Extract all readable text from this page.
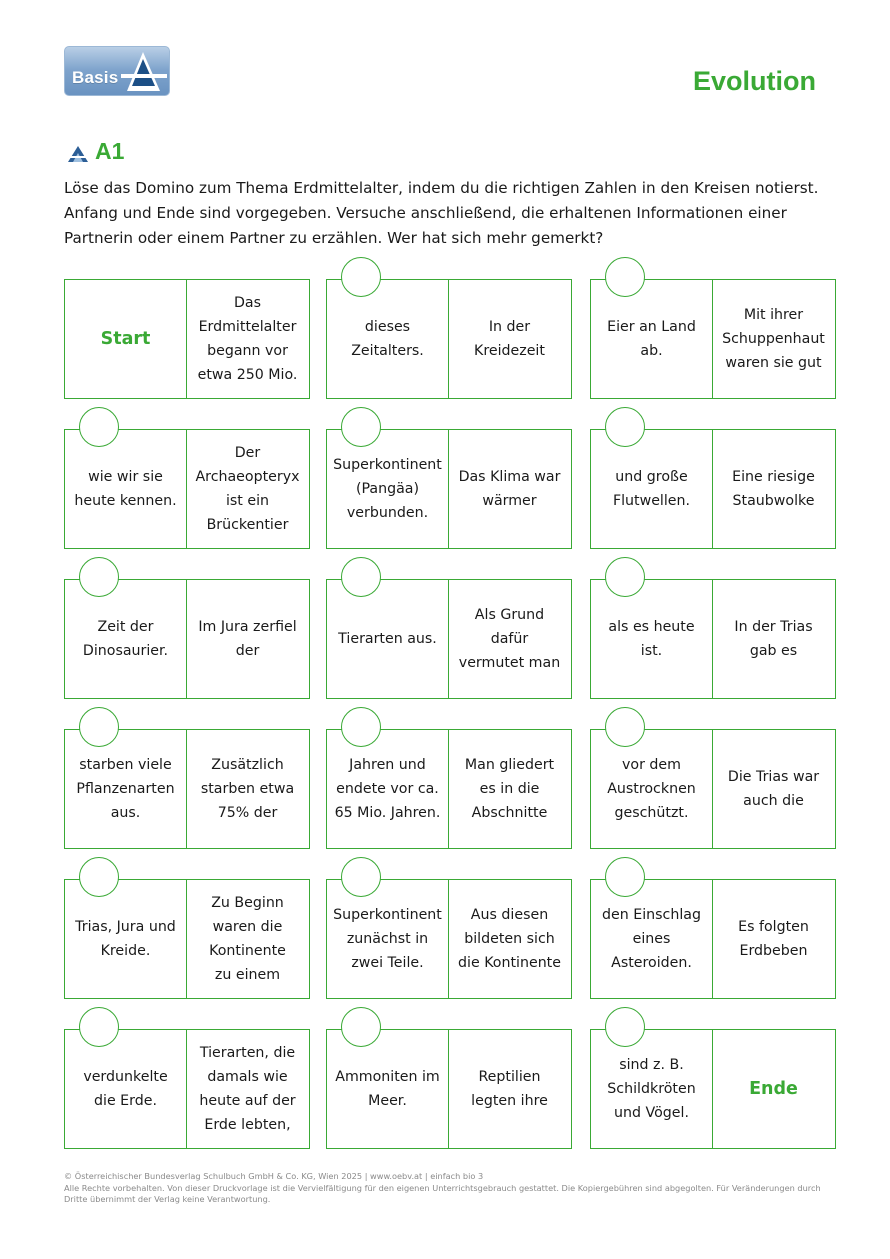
Basis	Evolution
A1

Löse das Domino zum Thema Erdmittelalter, indem du die richtigen Zahlen in den Kreisen notierst.
Anfang und Ende sind vorgegeben. Versuche anschließend, die erhaltenen Informationen einer
Partnerin oder einem Partner zu erzählen. Wer hat sich mehr gemerkt?

Start
Das
Erdmittelalter
begann vor
etwa 250 Mio.
dieses
Zeitalters.
In der
Kreidezeit
Eier an Land
ab.
Mit ihrer
Schuppenhaut
waren sie gut
wie wir sie
heute kennen.
Der
Archaeopteryx
ist ein
Brückentier
Superkontinent
(Pangäa)
verbunden.
Das Klima war
wärmer
und große
Flutwellen.
Eine riesige
Staubwolke
Zeit der
Dinosaurier.
Im Jura zerfiel
der
Tierarten aus.
Als Grund
dafür
vermutet man
als es heute
ist.
In der Trias
gab es
starben viele
Pflanzenarten
aus.
Zusätzlich
starben etwa
75% der
Jahren und
endete vor ca.
65 Mio. Jahren.
Man gliedert
es in die
Abschnitte
vor dem
Austrocknen
geschützt.
Die Trias war
auch die
Trias, Jura und
Kreide.
Zu Beginn
waren die
Kontinente
zu einem
Superkontinent
zunächst in
zwei Teile.
Aus diesen
bildeten sich
die Kontinente
den Einschlag
eines
Asteroiden.
Es folgten
Erdbeben
verdunkelte
die Erde.
Tierarten, die
damals wie
heute auf der
Erde lebten,
Ammoniten im
Meer.
Reptilien
legten ihre
sind z. B.
Schildkröten
und Vögel.
Ende

© Österreichischer Bundesverlag Schulbuch GmbH & Co. KG, Wien 2025 | www.oebv.at | einfach bio 3
Alle Rechte vorbehalten. Von dieser Druckvorlage ist die Vervielfältigung für den eigenen Unterrichtsgebrauch gestattet. Die Kopiergebühren sind abgegolten. Für Veränderungen durch
Dritte übernimmt der Verlag keine Verantwortung.
